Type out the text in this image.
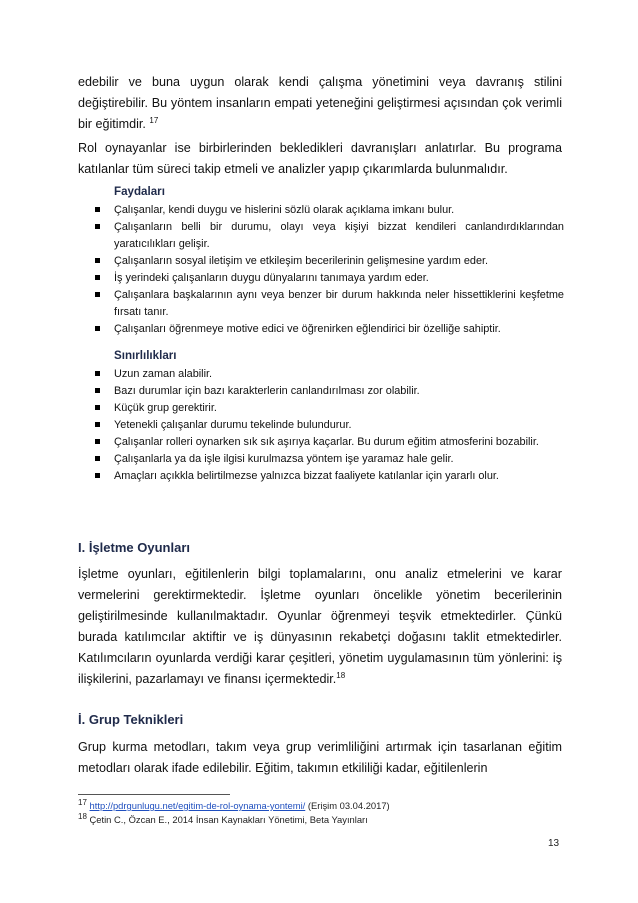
edebilir ve buna uygun olarak kendi çalışma yönetimini veya davranış stilini değiştirebilir. Bu yöntem insanların empati yeteneğini geliştirmesi açısından çok verimli bir eğitimdir. $^{17}$

Rol oynayanlar ise birbirlerinden bekledikleri davranışları anlatırlar. Bu programa katılanlar tüm süreci takip etmeli ve analizler yapıp çıkarımlarda bulunmalıdır.

Faydaları
Çalışanlar, kendi duygu ve hislerini sözlü olarak açıklama imkanı bulur.
Çalışanların belli bir durumu, olayı veya kişiyi bizzat kendileri canlandırdıklarından yaratıcılıkları gelişir.
Çalışanların sosyal iletişim ve etkileşim becerilerinin gelişmesine yardım eder.
İş yerindeki çalışanların duygu dünyalarını tanımaya yardım eder.
Çalışanlara başkalarının aynı veya benzer bir durum hakkında neler hissettiklerini keşfetme fırsatı tanır.
Çalışanları öğrenmeye motive edici ve öğrenirken eğlendirici bir özelliğe sahiptir.
Sınırlılıkları
Uzun zaman alabilir.
Bazı durumlar için bazı karakterlerin canlandırılması zor olabilir.
Küçük grup gerektirir.
Yetenekli çalışanlar durumu tekelinde bulundurur.
Çalışanlar rolleri oynarken sık sık aşırıya kaçarlar. Bu durum eğitim atmosferini bozabilir.
Çalışanlarla ya da işle ilgisi kurulmazsa yöntem işe yaramaz hale gelir.
Amaçları açıkkla belirtilmezse yalnızca bizzat faaliyete katılanlar için yararlı olur.
I. İşletme Oyunları

İşletme oyunları, eğitilenlerin bilgi toplamalarını, onu analiz etmelerini ve karar vermelerini gerektirmektedir. İşletme oyunları öncelikle yönetim becerilerinin geliştirilmesinde kullanılmaktadır. Oyunlar öğrenmeyi teşvik etmektedirler. Çünkü burada katılımcılar aktiftir ve iş dünyasının rekabetçi doğasını taklit etmektedirler. Katılımcıların oyunlarda verdiği karar çeşitleri, yönetim uygulamasının tüm yönlerini: iş ilişkilerini, pazarlamayı ve finansı içermektedir.$^{18}$

İ. Grup Teknikleri

Grup kurma metodları, takım veya grup verimliliğini artırmak için tasarlanan eğitim metodları olarak ifade edilebilir. Eğitim, takımın etkililiği kadar, eğitilenlerin

$^{17}$ http://pdrgunlugu.net/egitim-de-rol-oynama-yontemi/ (Erişim 03.04.2017)
$^{18}$ Çetin C., Özcan E., 2014 İnsan Kaynakları Yönetimi, Beta Yayınları
13
